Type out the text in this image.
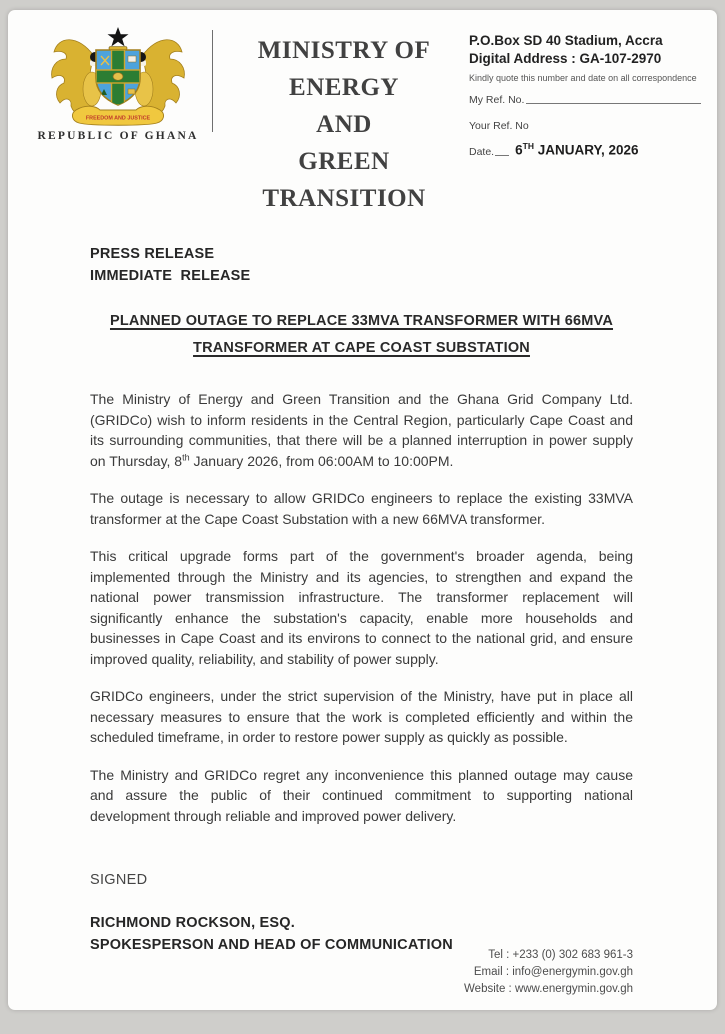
FREEDOM AND JUSTICE
REPUBLIC OF GHANA
MINISTRY OF ENERGY
AND
GREEN TRANSITION
P.O.Box SD 40 Stadium, Accra
Digital Address : GA-107-2970
Kindly quote this number and date on all correspondence
My Ref. No.
Your Ref. No
Date. 6TH JANUARY, 2026
PRESS RELEASE
IMMEDIATE  RELEASE
PLANNED OUTAGE TO REPLACE 33MVA TRANSFORMER WITH 66MVA
TRANSFORMER AT CAPE COAST SUBSTATION

The Ministry of Energy and Green Transition and the Ghana Grid Company Ltd. (GRIDCo) wish to inform residents in the Central Region, particularly Cape Coast and its surrounding communities, that there will be a planned interruption in power supply on Thursday, 8th January 2026, from 06:00AM to 10:00PM.

The outage is necessary to allow GRIDCo engineers to replace the existing 33MVA transformer at the Cape Coast Substation with a new 66MVA transformer.

This critical upgrade forms part of the government's broader agenda, being implemented through the Ministry and its agencies, to strengthen and expand the national power transmission infrastructure. The transformer replacement will significantly enhance the substation's capacity, enable more households and businesses in Cape Coast and its environs to connect to the national grid, and ensure improved quality, reliability, and stability of power supply.

GRIDCo engineers, under the strict supervision of the Ministry, have put in place all necessary measures to ensure that the work is completed efficiently and within the scheduled timeframe, in order to restore power supply as quickly as possible.

The Ministry and GRIDCo regret any inconvenience this planned outage may cause and assure the public of their continued commitment to supporting national development through reliable and improved power delivery.

SIGNED
RICHMOND ROCKSON, ESQ.
SPOKESPERSON AND HEAD OF COMMUNICATION
Tel : +233 (0) 302 683 961-3
Email : info@energymin.gov.gh
Website : www.energymin.gov.gh
